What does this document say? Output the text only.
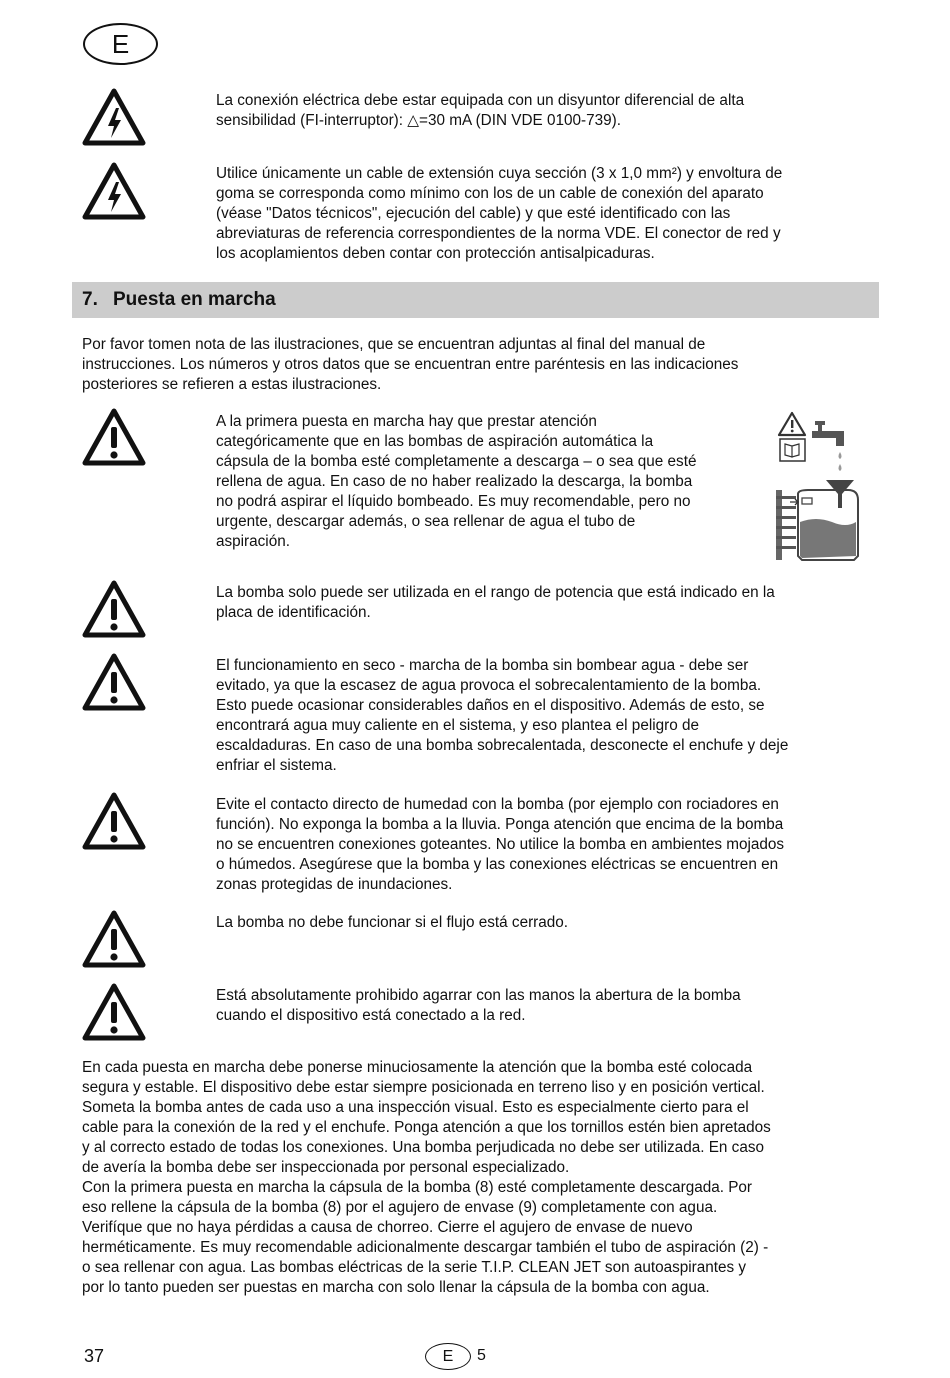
E
La conexión eléctrica debe estar equipada con un disyuntor diferencial de alta
sensibilidad (FI-interruptor): △=30 mA (DIN VDE 0100-739).
Utilice únicamente un cable de extensión cuya sección (3 x 1,0 mm²) y envoltura de
goma se corresponda como mínimo con los de un cable de conexión del aparato
(véase "Datos técnicos", ejecución del cable) y que esté identificado con las
abreviaturas de referencia correspondientes de la norma VDE. El conector de red y
los acoplamientos deben contar con protección antisalpicaduras.
7. Puesta en marcha
Por favor tomen nota de las ilustraciones, que se encuentran adjuntas al final del manual de
instrucciones. Los números y otros datos que se encuentran entre paréntesis en las indicaciones
posteriores se refieren a estas ilustraciones.
A la primera puesta en marcha hay que prestar atención
categóricamente que en las bombas de aspiración automática la
cápsula de la bomba esté completamente a descarga – o sea que esté
rellena de agua. En caso de no haber realizado la descarga, la bomba
no podrá aspirar el líquido bombeado. Es muy recomendable, pero no
urgente, descargar además, o sea rellenar de agua el tubo de
aspiración.
La bomba solo puede ser utilizada en el rango de potencia que está indicado en la
placa de identificación.
El funcionamiento en seco - marcha de la bomba sin bombear agua - debe ser
evitado, ya que la escasez de agua provoca el sobrecalentamiento de la bomba.
Esto puede ocasionar considerables daños en el dispositivo. Además de esto, se
encontrará agua muy caliente en el sistema, y eso plantea el peligro de
escaldaduras. En caso de una bomba sobrecalentada, desconecte el enchufe y deje
enfriar el sistema.
Evite el contacto directo de humedad con la bomba (por ejemplo con rociadores en
función). No exponga la bomba a la lluvia. Ponga atención que encima de la bomba
no se encuentren conexiones goteantes. No utilice la bomba en ambientes mojados
o húmedos. Asegúrese que la bomba y las conexiones eléctricas se encuentren en
zonas protegidas de inundaciones.
La bomba no debe funcionar si el flujo está cerrado.
Está absolutamente prohibido agarrar con las manos la abertura de la bomba
cuando el dispositivo está conectado a la red.
En cada puesta en marcha debe ponerse minuciosamente la atención que la bomba esté colocada
segura y estable. El dispositivo debe estar siempre posicionada en terreno liso y en posición vertical.
Someta la bomba antes de cada uso a una inspección visual. Esto es especialmente cierto para el
cable para la conexión de la red y el enchufe. Ponga atención a que los tornillos estén bien apretados
y al correcto estado de todas los conexiones. Una bomba perjudicada no debe ser utilizada. En caso
de avería la bomba debe ser inspeccionada por personal especializado.
Con la primera puesta en marcha la cápsula de la bomba (8) esté completamente descargada. Por
eso rellene la cápsula de la bomba (8) por el agujero de envase (9) completamente con agua.
Verifíque que no haya pérdidas a causa de chorreo. Cierre el agujero de envase de nuevo
herméticamente. Es muy recomendable adicionalmente descargar también el tubo de aspiración (2) -
o sea rellenar con agua. Las bombas eléctricas de la serie T.I.P. CLEAN JET son autoaspirantes y
por lo tanto pueden ser puestas en marcha con solo llenar la cápsula de la bomba con agua.
37	E 5
